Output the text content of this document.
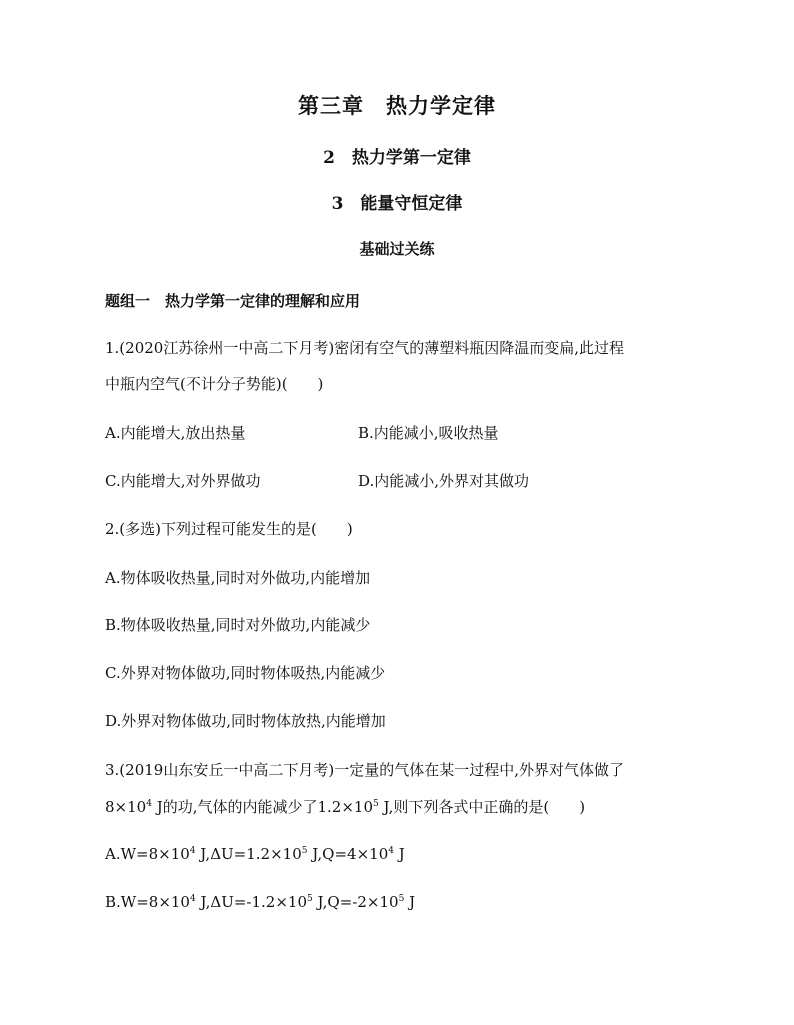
第三章　热力学定律
2　热力学第一定律
3　能量守恒定律
基础过关练
题组一　热力学第一定律的理解和应用
1.(2020江苏徐州一中高二下月考)密闭有空气的薄塑料瓶因降温而变扁,此过程
中瓶内空气(不计分子势能)(　　)
A.内能增大,放出热量	B.内能减小,吸收热量
C.内能增大,对外界做功	D.内能减小,外界对其做功
2.(多选)下列过程可能发生的是(　　)
A.物体吸收热量,同时对外做功,内能增加
B.物体吸收热量,同时对外做功,内能减少
C.外界对物体做功,同时物体吸热,内能减少
D.外界对物体做功,同时物体放热,内能增加
3.(2019山东安丘一中高二下月考)一定量的气体在某一过程中,外界对气体做了
$8\times 10^4$ J的功,气体的内能减少了$1.2\times 10^5$ J,则下列各式中正确的是(　　)
$A.W=8\times 10^4$ $J,\Delta U=1.2\times 10^5$ $J,Q=4\times 10^4$ J
$B.W=8\times 10^4$ $J,\Delta U=-1.2\times 10^5$ $J,Q=-2\times 10^5$ J
